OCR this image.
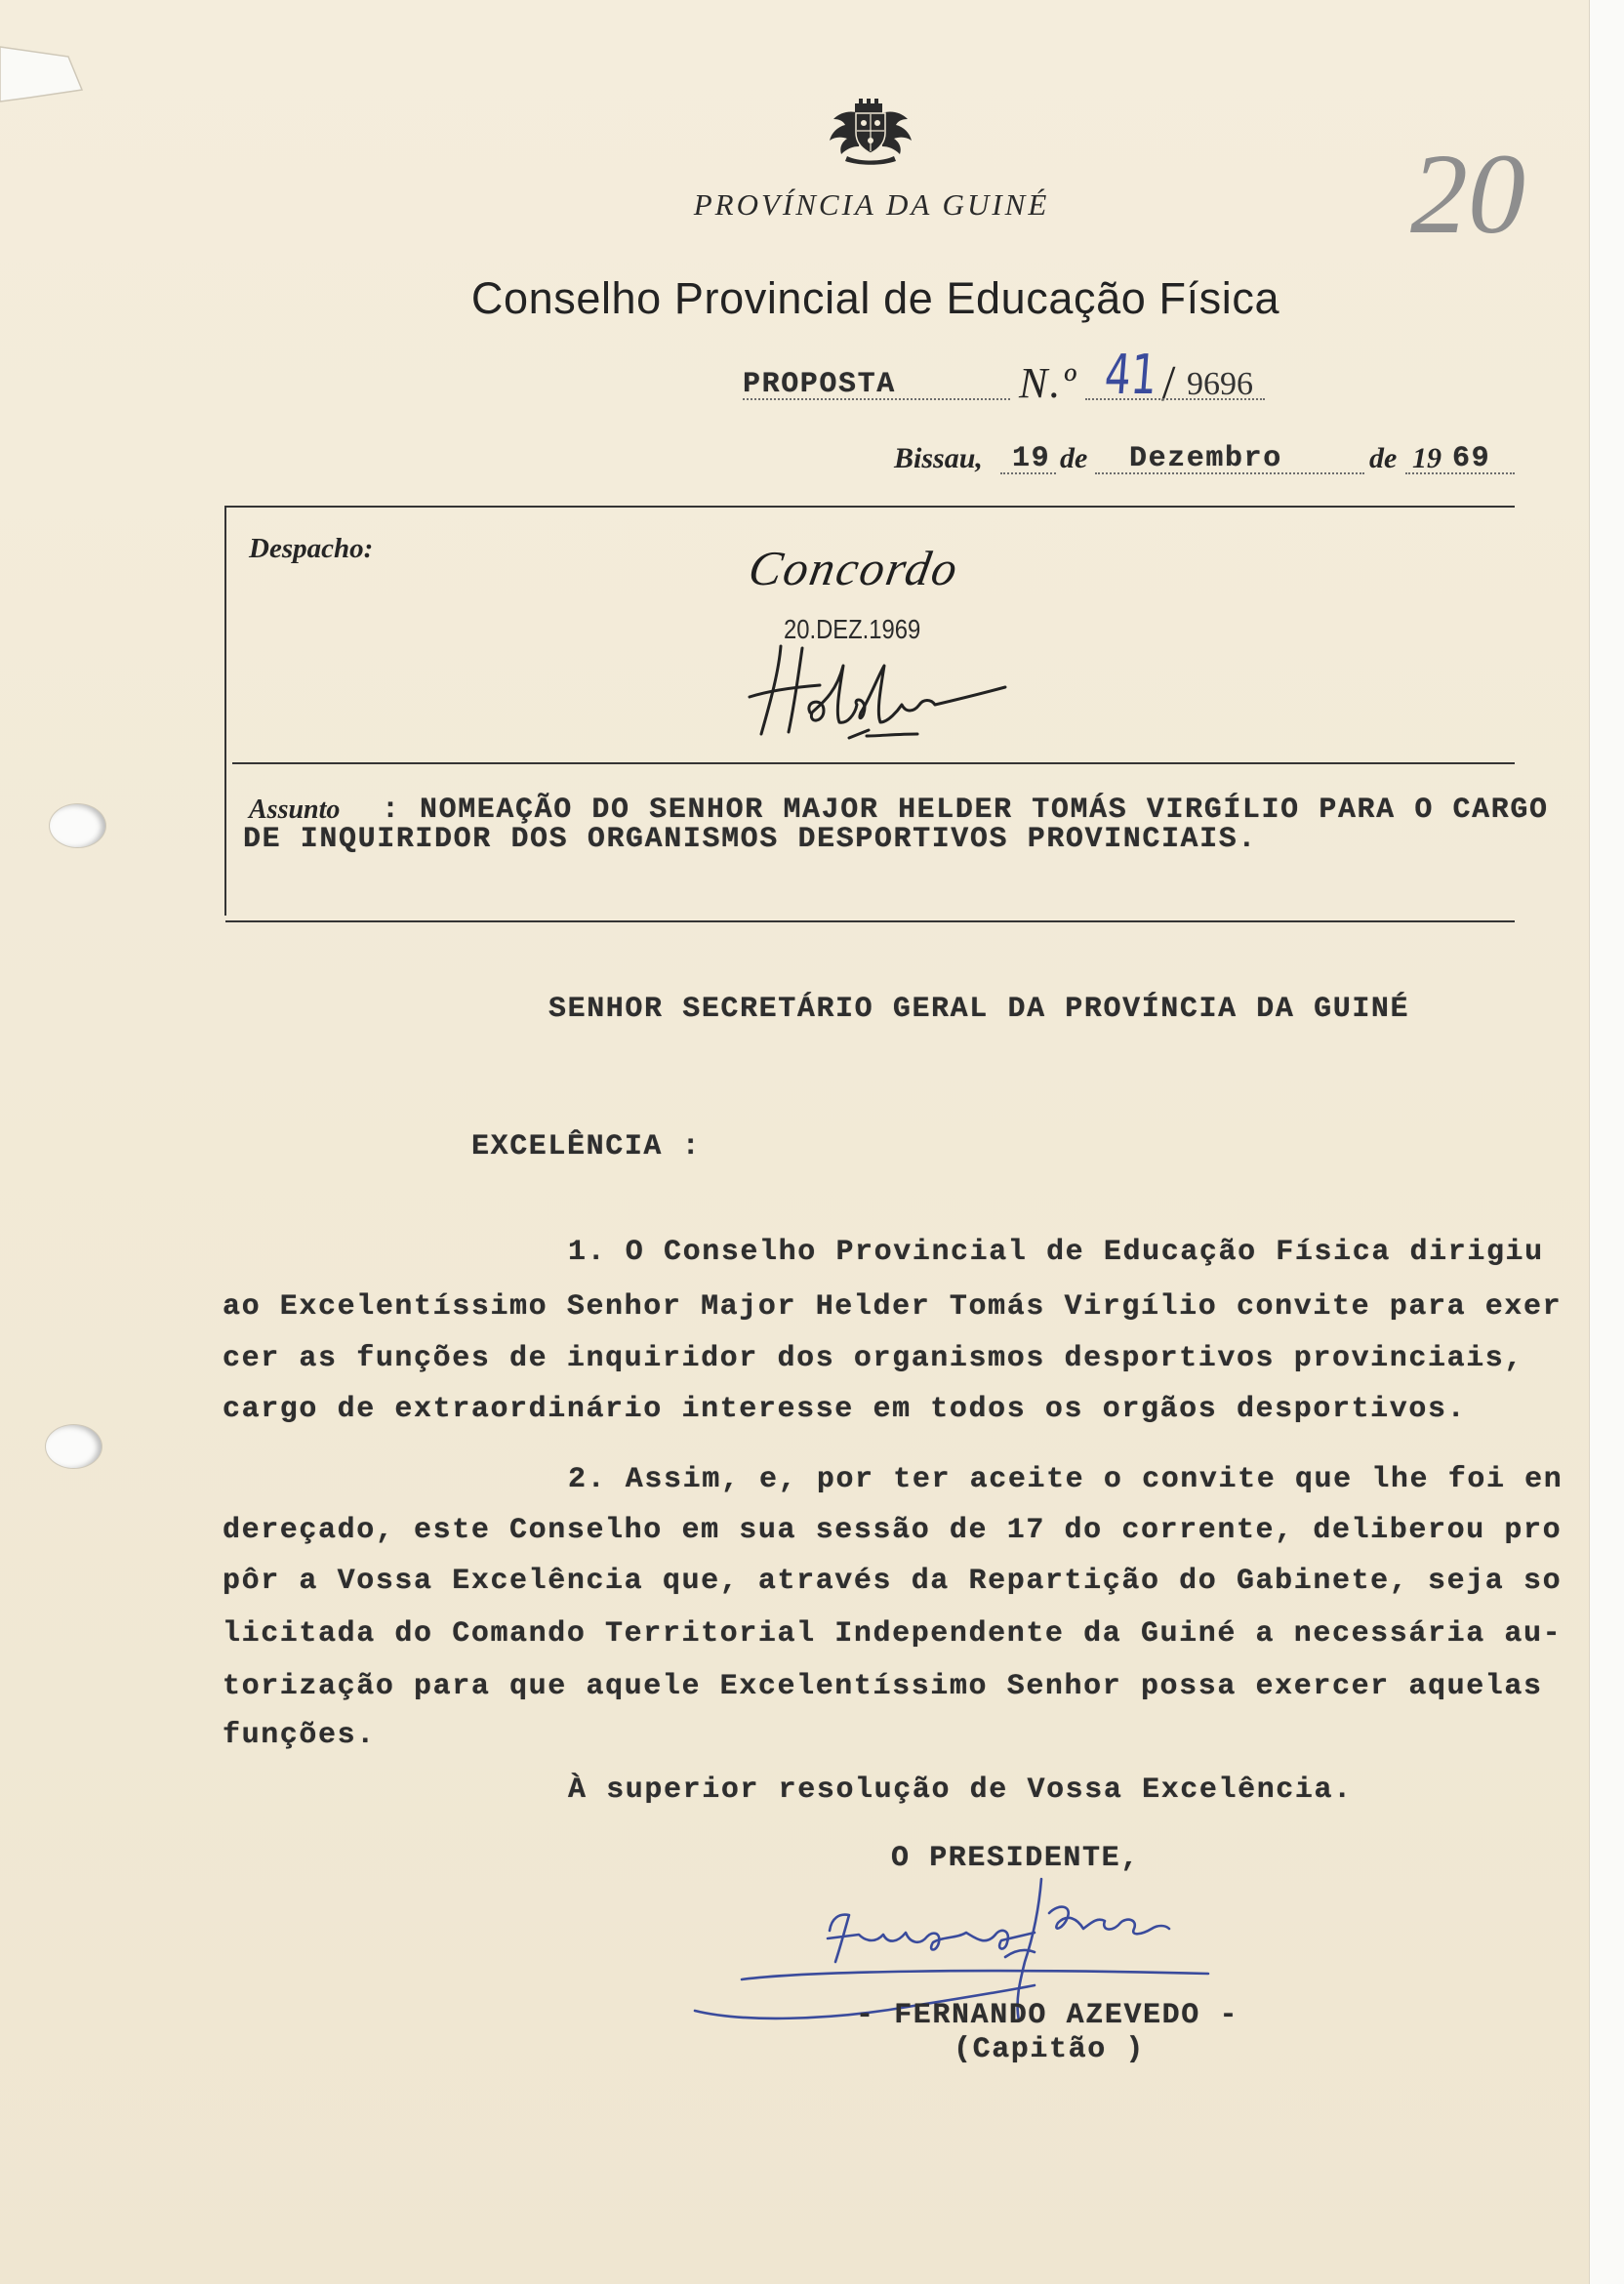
PROVÍNCIA DA GUINÉ	20
Conselho Provincial de Educação Física
PROPOSTA	N.º 41 / 9696
Bissau, 19 de Dezembro	de 19 69
Despacho:	Concordo
20.DEZ.1969
Assunto : NOMEAÇÃO DO SENHOR MAJOR HELDER TOMÁS VIRGÍLIO PARA O CARGO
DE INQUIRIDOR DOS ORGANISMOS DESPORTIVOS PROVINCIAIS.
SENHOR SECRETÁRIO GERAL DA PROVÍNCIA DA GUINÉ
EXCELÊNCIA :
1. O Conselho Provincial de Educação Física dirigiu
ao Excelentíssimo Senhor Major Helder Tomás Virgílio convite para exer
cer as funções de inquiridor dos organismos desportivos provinciais,
cargo de extraordinário interesse em todos os orgãos desportivos.
2. Assim, e, por ter aceite o convite que lhe foi en
dereçado, este Conselho em sua sessão de 17 do corrente, deliberou pro
pôr a Vossa Excelência que, através da Repartição do Gabinete, seja so
licitada do Comando Territorial Independente da Guiné a necessária au-
torização para que aquele Excelentíssimo Senhor possa exercer aquelas
funções.
À superior resolução de Vossa Excelência.
O PRESIDENTE,
- FERNANDO AZEVEDO -
(Capitão )
